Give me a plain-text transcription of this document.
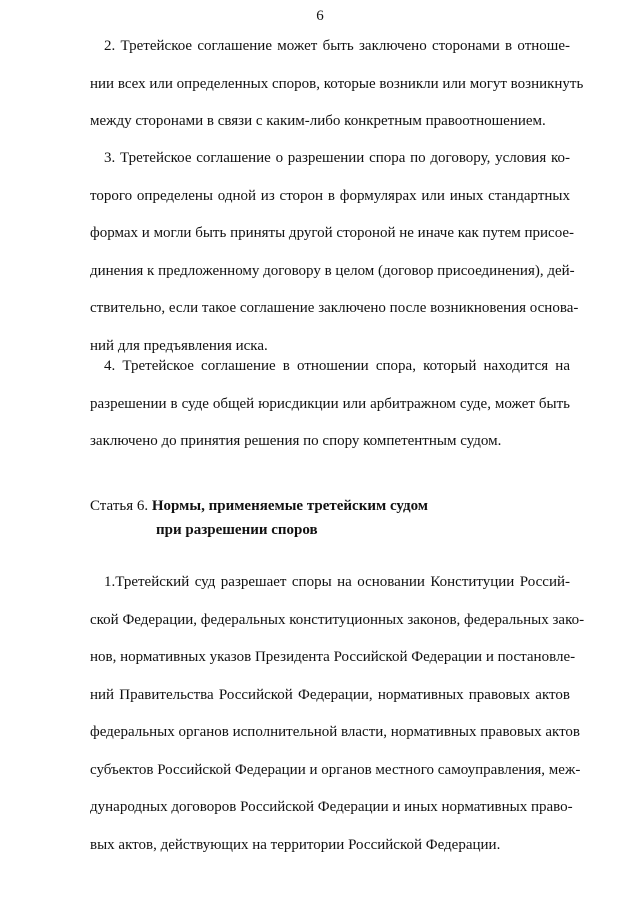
6
2. Третейское соглашение может быть заключено сторонами в отноше-
нии всех или определенных споров, которые возникли или могут возникнуть
между сторонами в связи с каким-либо конкретным правоотношением.
3. Третейское соглашение о разрешении спора по договору, условия ко-
торого определены одной из сторон в формулярах или иных стандартных
формах и могли быть приняты другой стороной не иначе как путем присое-
динения к предложенному договору в целом (договор присоединения), дей-
ствительно, если такое соглашение заключено после возникновения основа-
ний для предъявления иска.
4. Третейское соглашение в отношении спора, который находится на
разрешении в суде общей юрисдикции или арбитражном суде, может быть
заключено до принятия решения по спору компетентным судом.
Статья 6. Нормы, применяемые третейским судом
при разрешении споров
1.Третейский суд разрешает споры на основании Конституции Россий-
ской Федерации, федеральных конституционных законов, федеральных зако-
нов, нормативных указов Президента Российской Федерации и постановле-
ний Правительства Российской Федерации, нормативных правовых актов
федеральных органов исполнительной власти, нормативных правовых актов
субъектов Российской Федерации и органов местного самоуправления, меж-
дународных договоров Российской Федерации и иных нормативных право-
вых актов, действующих на территории Российской Федерации.
